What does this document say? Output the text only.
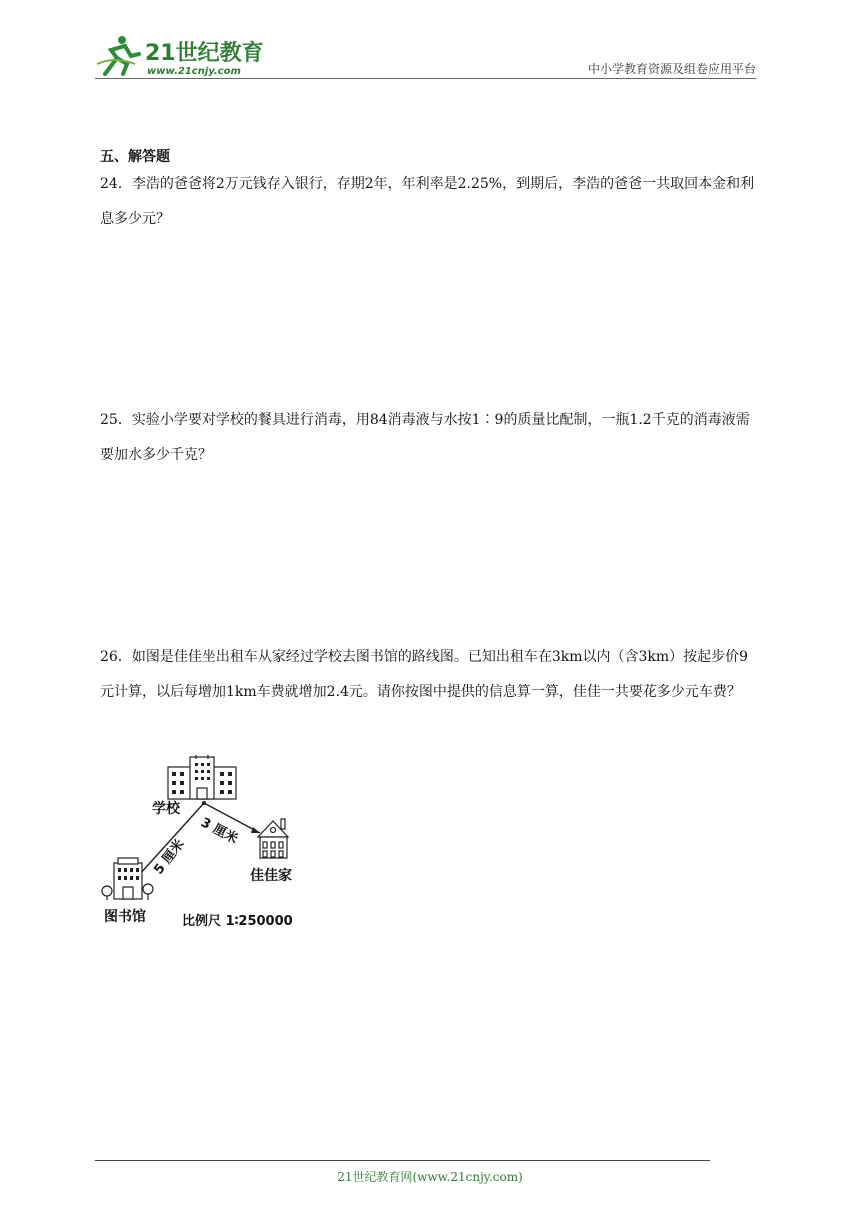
21世纪教育
www.21cnjy.com	中小学教育资源及组卷应用平台
五、解答题
24．李浩的爸爸将2万元钱存入银行，存期2年，年利率是2.25%，到期后，李浩的爸爸一共取回本金和利息多少元？
25．实验小学要对学校的餐具进行消毒，用84消毒液与水按1∶9的质量比配制，一瓶1.2千克的消毒液需要加水多少千克？
26．如图是佳佳坐出租车从家经过学校去图书馆的路线图。已知出租车在3km以内（含3km）按起步价9元计算，以后每增加1km车费就增加2.4元。请你按图中提供的信息算一算，佳佳一共要花多少元车费？
学校
3 厘米
5 厘米	佳佳家
图书馆	比例尺 1∶250000
21世纪教育网(www.21cnjy.com)
